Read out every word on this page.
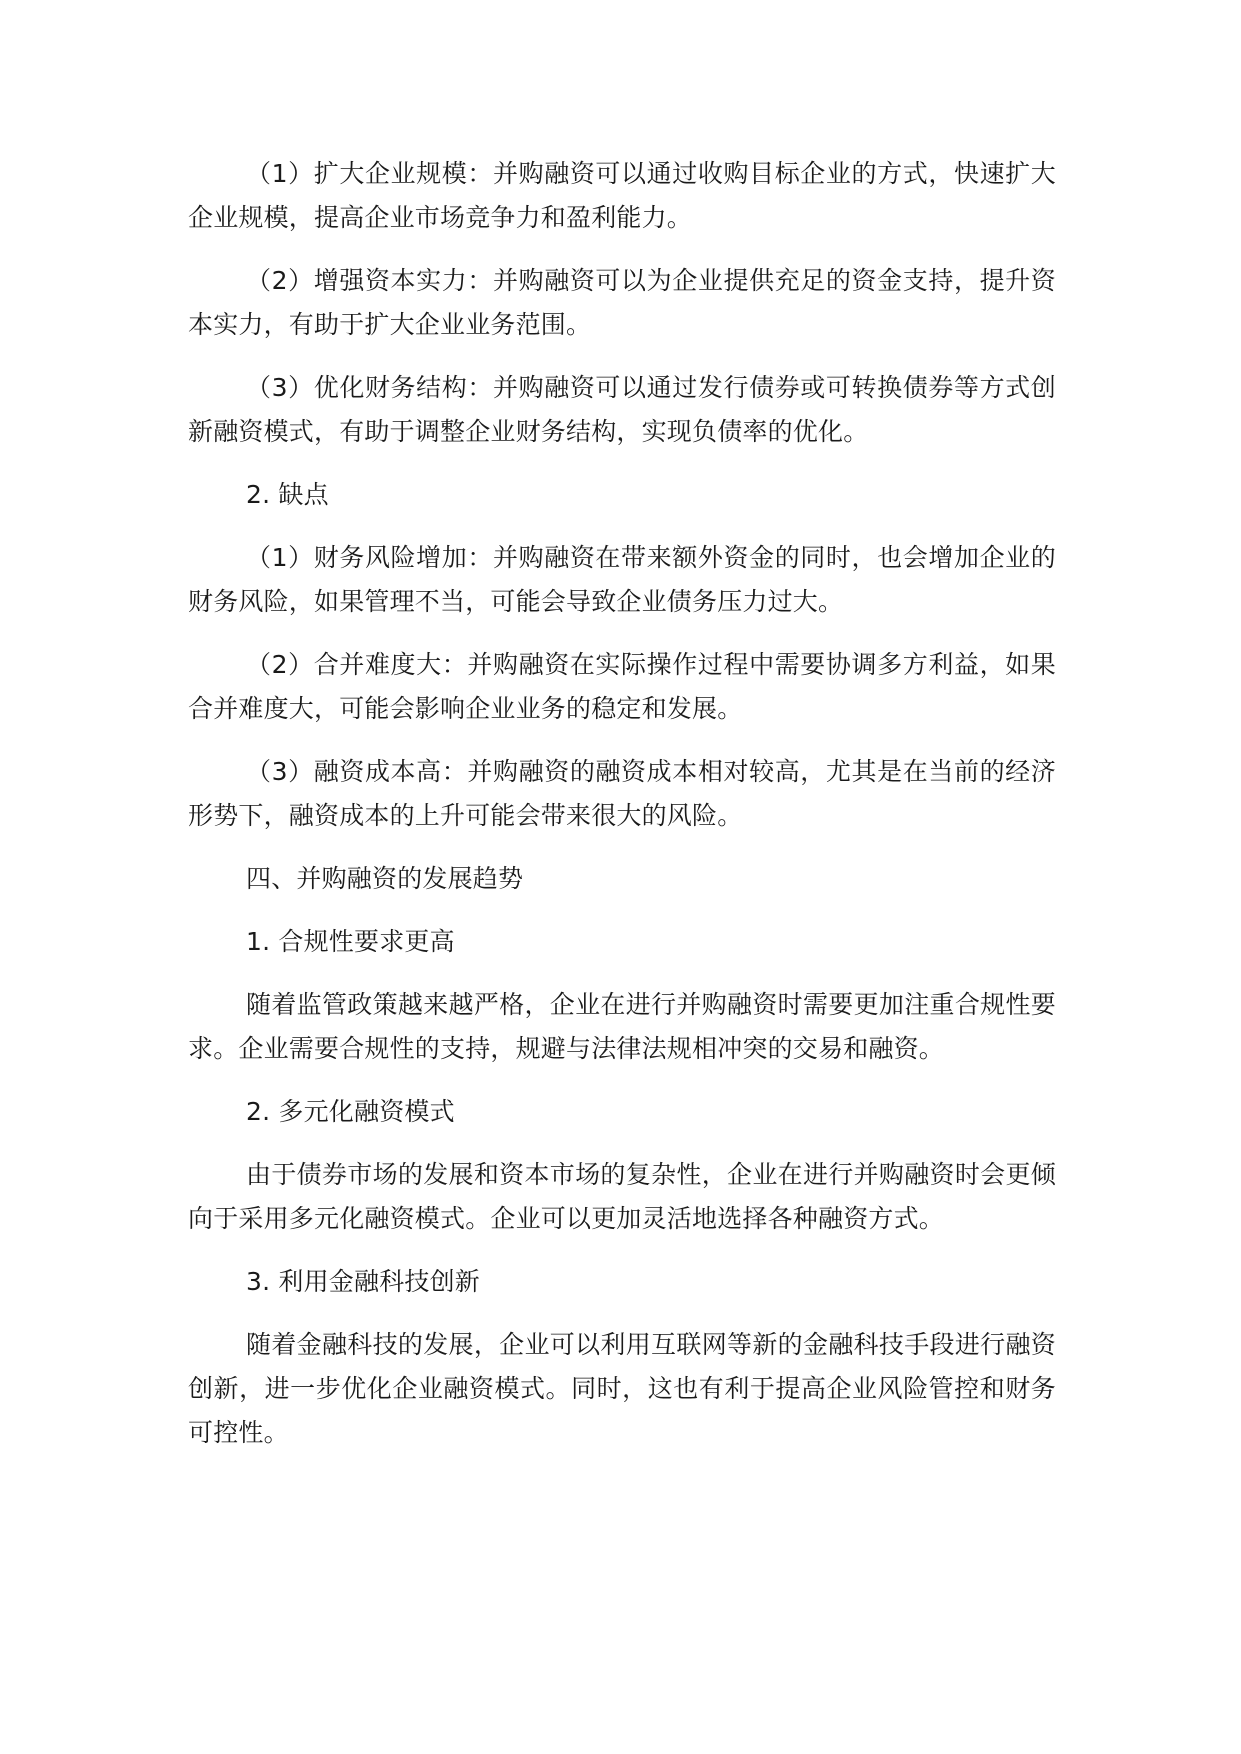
（1）扩大企业规模：并购融资可以通过收购目标企业的方式，快速扩大企业规模，提高企业市场竞争力和盈利能力。

（2）增强资本实力：并购融资可以为企业提供充足的资金支持，提升资本实力，有助于扩大企业业务范围。

（3）优化财务结构：并购融资可以通过发行债券或可转换债券等方式创新融资模式，有助于调整企业财务结构，实现负债率的优化。

2. 缺点

（1）财务风险增加：并购融资在带来额外资金的同时，也会增加企业的财务风险，如果管理不当，可能会导致企业债务压力过大。

（2）合并难度大：并购融资在实际操作过程中需要协调多方利益，如果合并难度大，可能会影响企业业务的稳定和发展。

（3）融资成本高：并购融资的融资成本相对较高，尤其是在当前的经济形势下，融资成本的上升可能会带来很大的风险。

四、并购融资的发展趋势

1. 合规性要求更高

随着监管政策越来越严格，企业在进行并购融资时需要更加注重合规性要求。企业需要合规性的支持，规避与法律法规相冲突的交易和融资。

2. 多元化融资模式

由于债券市场的发展和资本市场的复杂性，企业在进行并购融资时会更倾向于采用多元化融资模式。企业可以更加灵活地选择各种融资方式。

3. 利用金融科技创新

随着金融科技的发展，企业可以利用互联网等新的金融科技手段进行融资创新，进一步优化企业融资模式。同时，这也有利于提高企业风险管控和财务可控性。
